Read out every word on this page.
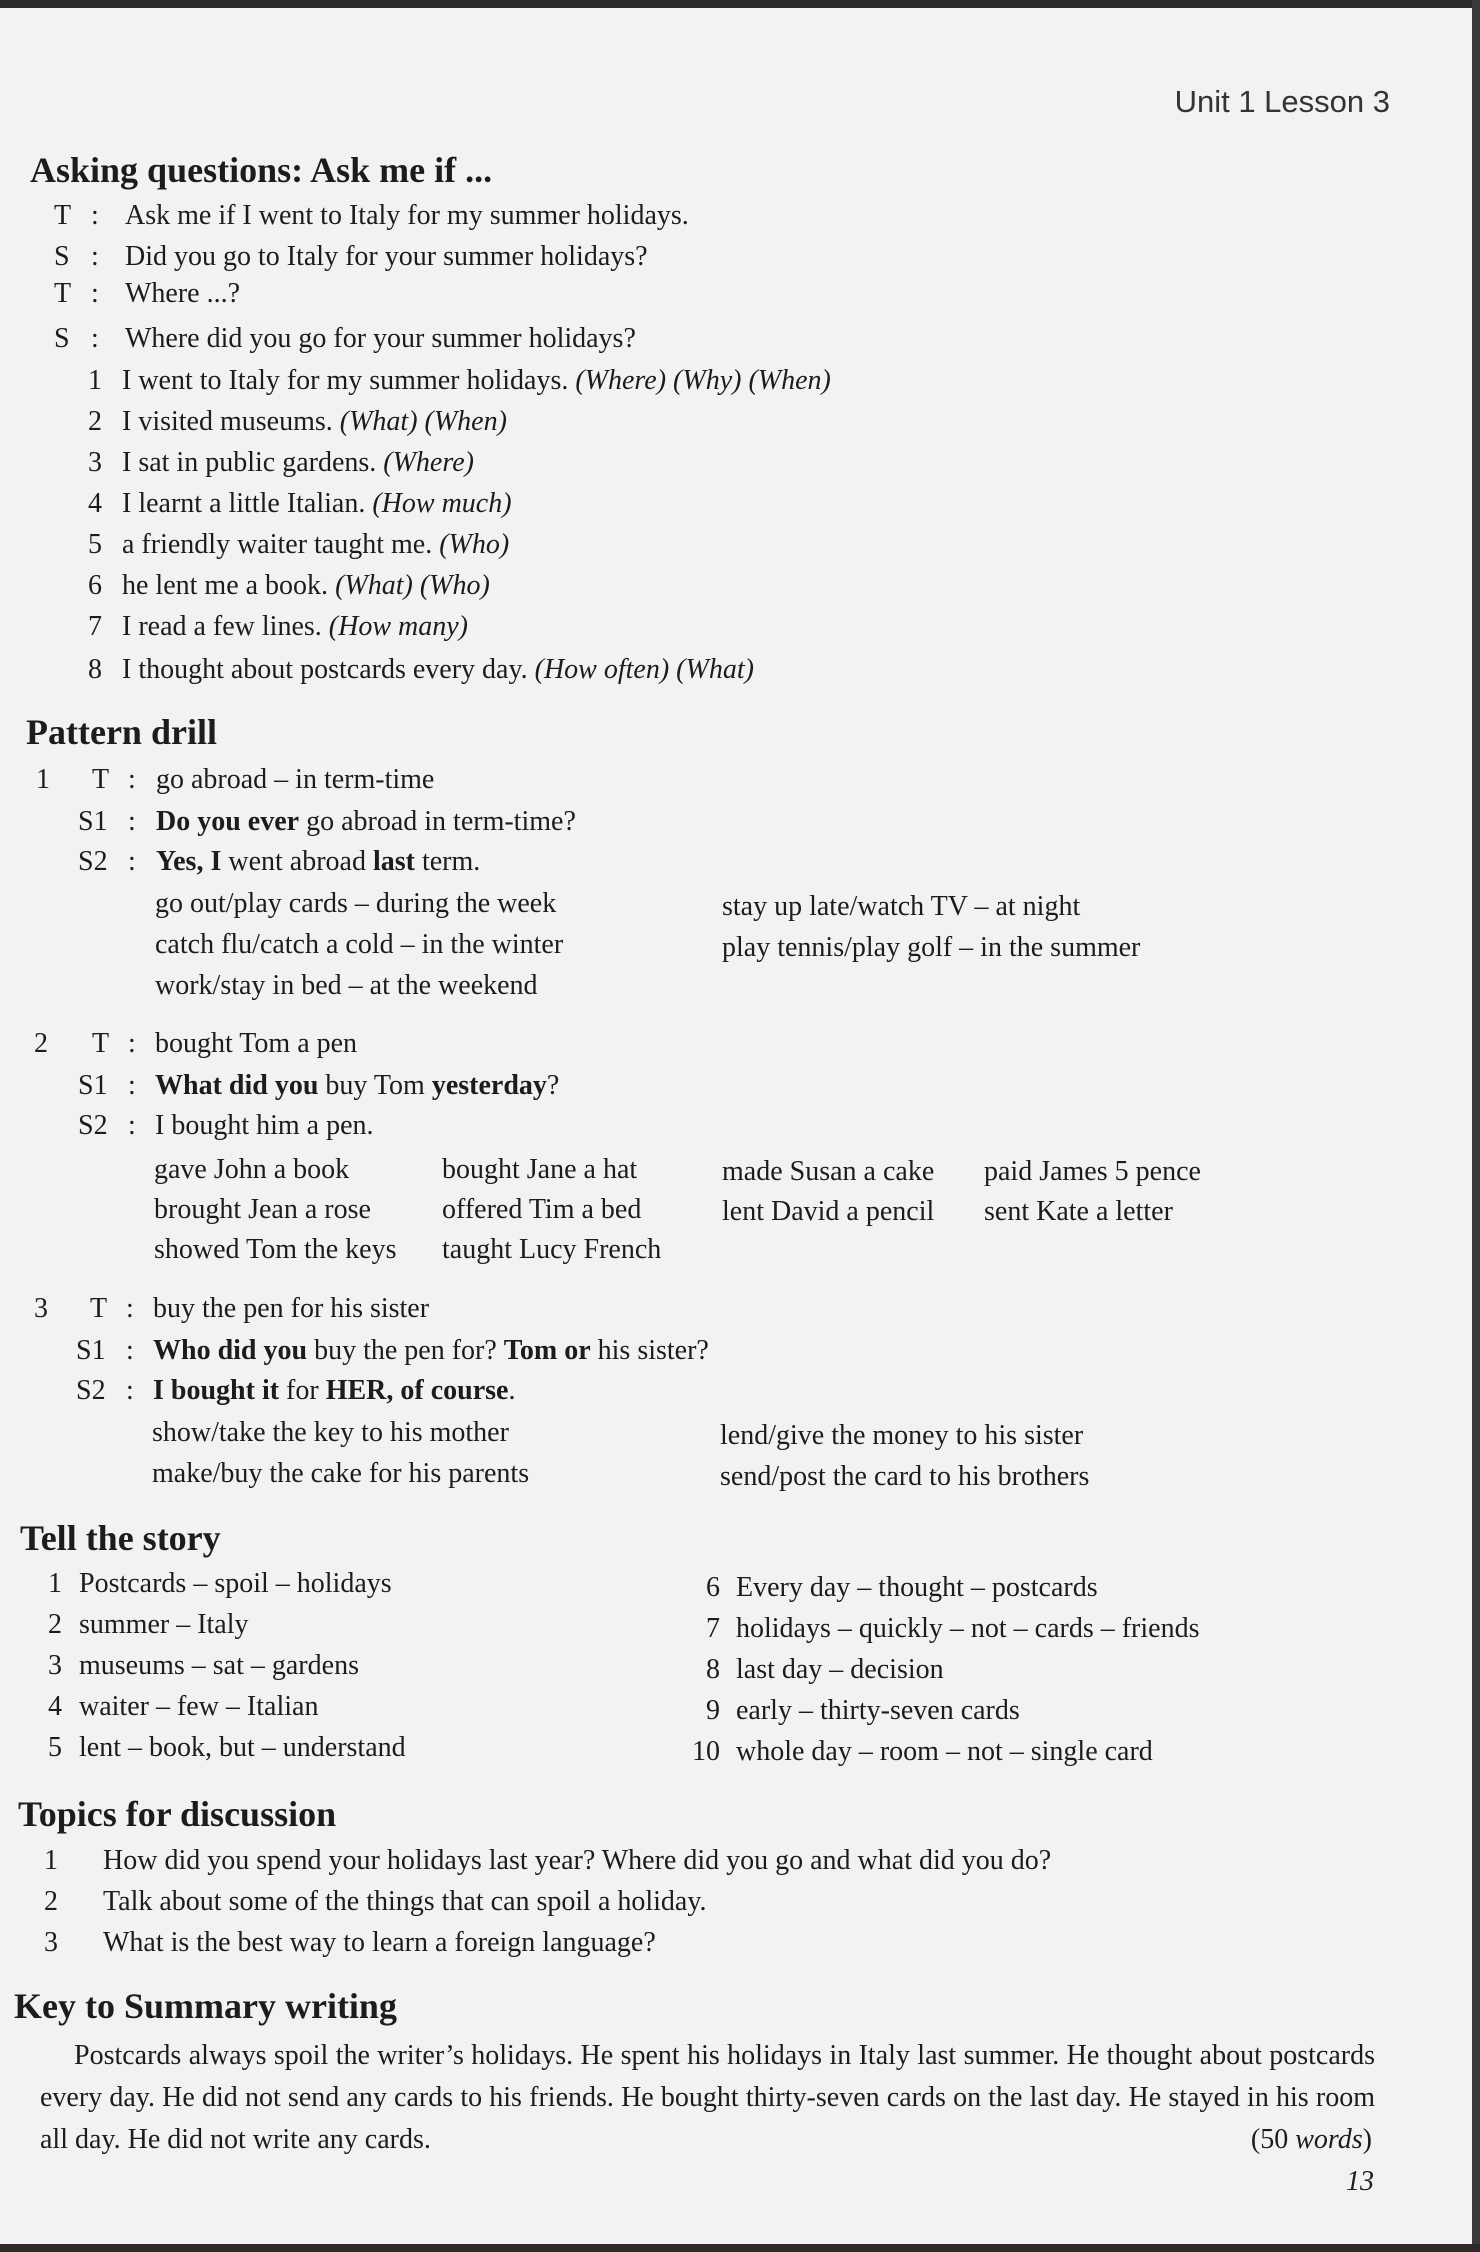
Unit 1 Lesson 3
Asking questions: Ask me if ...
T : Ask me if I went to Italy for my summer holidays.
S : Did you go to Italy for your summer holidays?
T : Where ...?
S : Where did you go for your summer holidays?
1 I went to Italy for my summer holidays. (Where) (Why) (When)
2 I visited museums. (What) (When)
3 I sat in public gardens. (Where)
4 I learnt a little Italian. (How much)
5 a friendly waiter taught me. (Who)
6 he lent me a book. (What) (Who)
7 I read a few lines. (How many)
8 I thought about postcards every day. (How often) (What)
Pattern drill
1 T : go abroad – in term-time
S1 : Do you ever go abroad in term-time?
S2 : Yes, I went abroad last term.
go out/play cards – during the week
catch flu/catch a cold – in the winter
work/stay in bed – at the weekend
stay up late/watch TV – at night
play tennis/play golf – in the summer
2 T : bought Tom a pen
S1 : What did you buy Tom yesterday?
S2 : I bought him a pen.
gave John a book
brought Jean a rose
showed Tom the keys
bought Jane a hat
offered Tim a bed
taught Lucy French
made Susan a cake
lent David a pencil
paid James 5 pence
sent Kate a letter
3 T : buy the pen for his sister
S1 : Who did you buy the pen for? Tom or his sister?
S2 : I bought it for HER, of course.
show/take the key to his mother
make/buy the cake for his parents
lend/give the money to his sister
send/post the card to his brothers
Tell the story
1 Postcards – spoil – holidays
2 summer – Italy
3 museums – sat – gardens
4 waiter – few – Italian
5 lent – book, but – understand
6 Every day – thought – postcards
7 holidays – quickly – not – cards – friends
8 last day – decision
9 early – thirty-seven cards
10 whole day – room – not – single card
Topics for discussion
1 How did you spend your holidays last year? Where did you go and what did you do?
2 Talk about some of the things that can spoil a holiday.
3 What is the best way to learn a foreign language?
Key to Summary writing
Postcards always spoil the writer’s holidays. He spent his holidays in Italy last summer. He thought about postcards every day. He did not send any cards to his friends. He bought thirty-seven cards on the last day. He stayed in his room all day. He did not write any cards.	(50 words)
13
